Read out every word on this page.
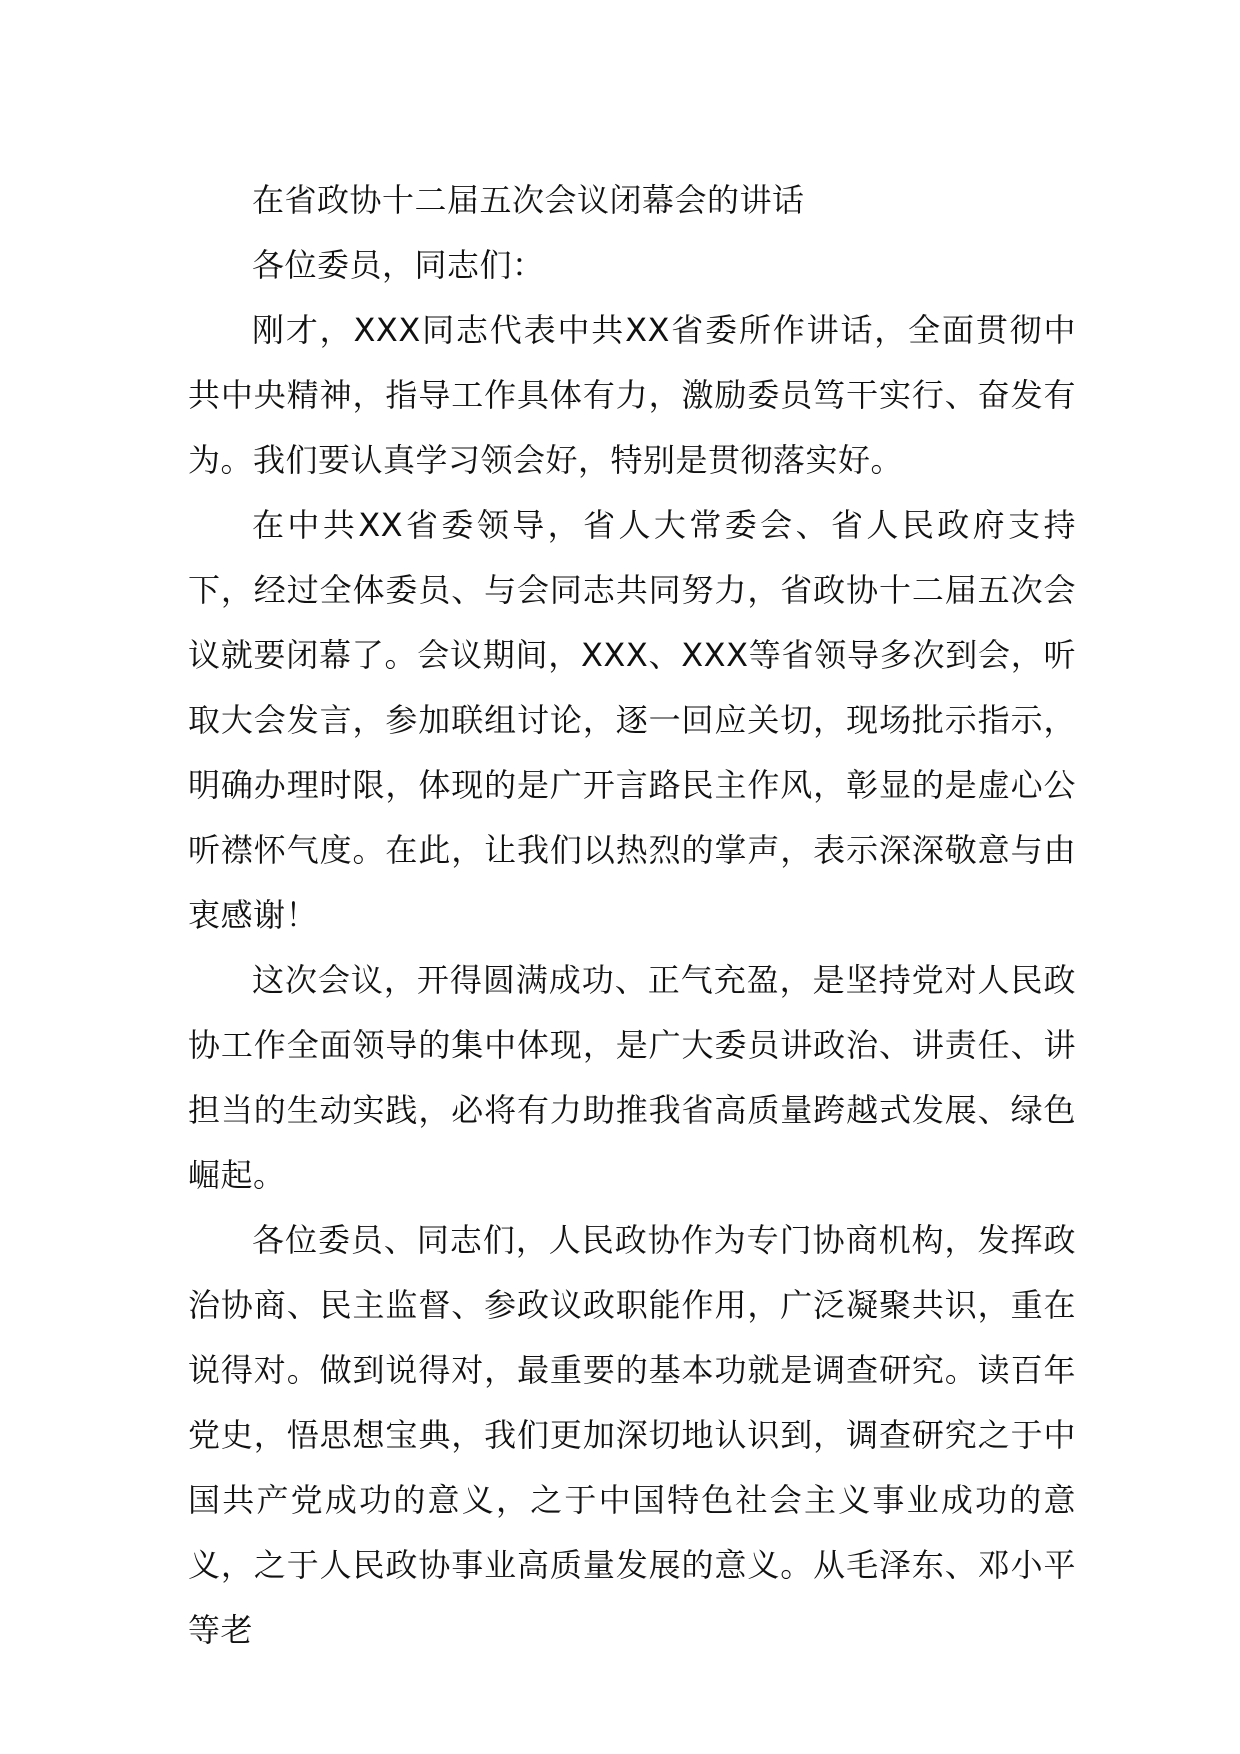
在省政协十二届五次会议闭幕会的讲话

各位委员，同志们：

刚才，XXX同志代表中共XX省委所作讲话，全面贯彻中共中央精神，指导工作具体有力，激励委员笃干实行、奋发有为。我们要认真学习领会好，特别是贯彻落实好。

在中共XX省委领导，省人大常委会、省人民政府支持下，经过全体委员、与会同志共同努力，省政协十二届五次会议就要闭幕了。会议期间，XXX、XXX等省领导多次到会，听取大会发言，参加联组讨论，逐一回应关切，现场批示指示，明确办理时限，体现的是广开言路民主作风，彰显的是虚心公听襟怀气度。在此，让我们以热烈的掌声，表示深深敬意与由衷感谢！

这次会议，开得圆满成功、正气充盈，是坚持党对人民政协工作全面领导的集中体现，是广大委员讲政治、讲责任、讲担当的生动实践，必将有力助推我省高质量跨越式发展、绿色崛起。

各位委员、同志们，人民政协作为专门协商机构，发挥政治协商、民主监督、参政议政职能作用，广泛凝聚共识，重在说得对。做到说得对，最重要的基本功就是调查研究。读百年党史，悟思想宝典，我们更加深切地认识到，调查研究之于中国共产党成功的意义，之于中国特色社会主义事业成功的意义，之于人民政协事业高质量发展的意义。从毛泽东、邓小平等老
